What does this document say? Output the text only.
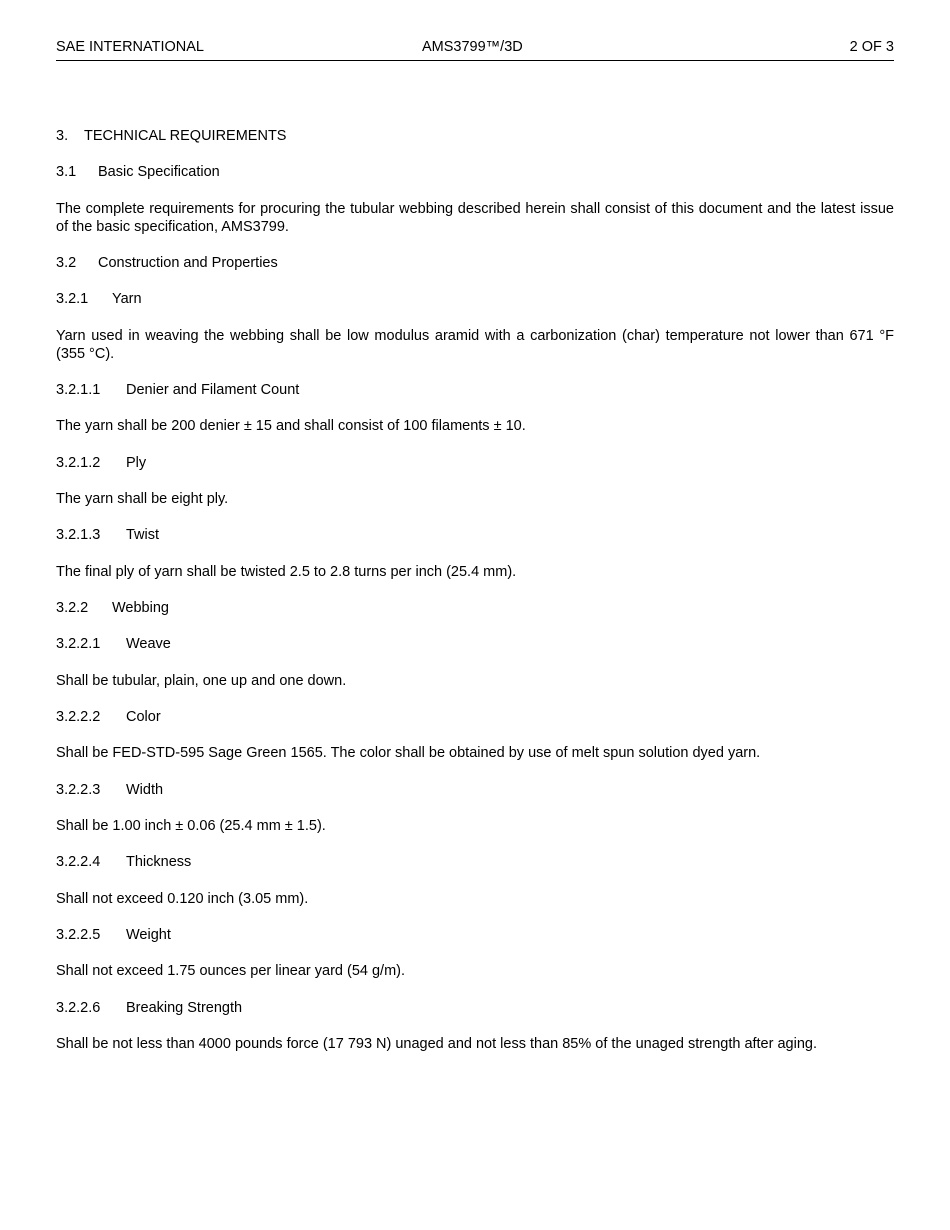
SAE INTERNATIONAL	AMS3799™/3D	2 OF 3
3. TECHNICAL REQUIREMENTS
3.1 Basic Specification
The complete requirements for procuring the tubular webbing described herein shall consist of this document and the latest issue of the basic specification, AMS3799.
3.2 Construction and Properties
3.2.1 Yarn
Yarn used in weaving the webbing shall be low modulus aramid with a carbonization (char) temperature not lower than 671 °F (355 °C).
3.2.1.1 Denier and Filament Count
The yarn shall be 200 denier ± 15 and shall consist of 100 filaments ± 10.
3.2.1.2 Ply
The yarn shall be eight ply.
3.2.1.3 Twist
The final ply of yarn shall be twisted 2.5 to 2.8 turns per inch (25.4 mm).
3.2.2 Webbing
3.2.2.1 Weave
Shall be tubular, plain, one up and one down.
3.2.2.2 Color
Shall be FED-STD-595 Sage Green 1565. The color shall be obtained by use of melt spun solution dyed yarn.
3.2.2.3 Width
Shall be 1.00 inch ± 0.06 (25.4 mm ± 1.5).
3.2.2.4 Thickness
Shall not exceed 0.120 inch (3.05 mm).
3.2.2.5 Weight
Shall not exceed 1.75 ounces per linear yard (54 g/m).
3.2.2.6 Breaking Strength
Shall be not less than 4000 pounds force (17 793 N) unaged and not less than 85% of the unaged strength after aging.
